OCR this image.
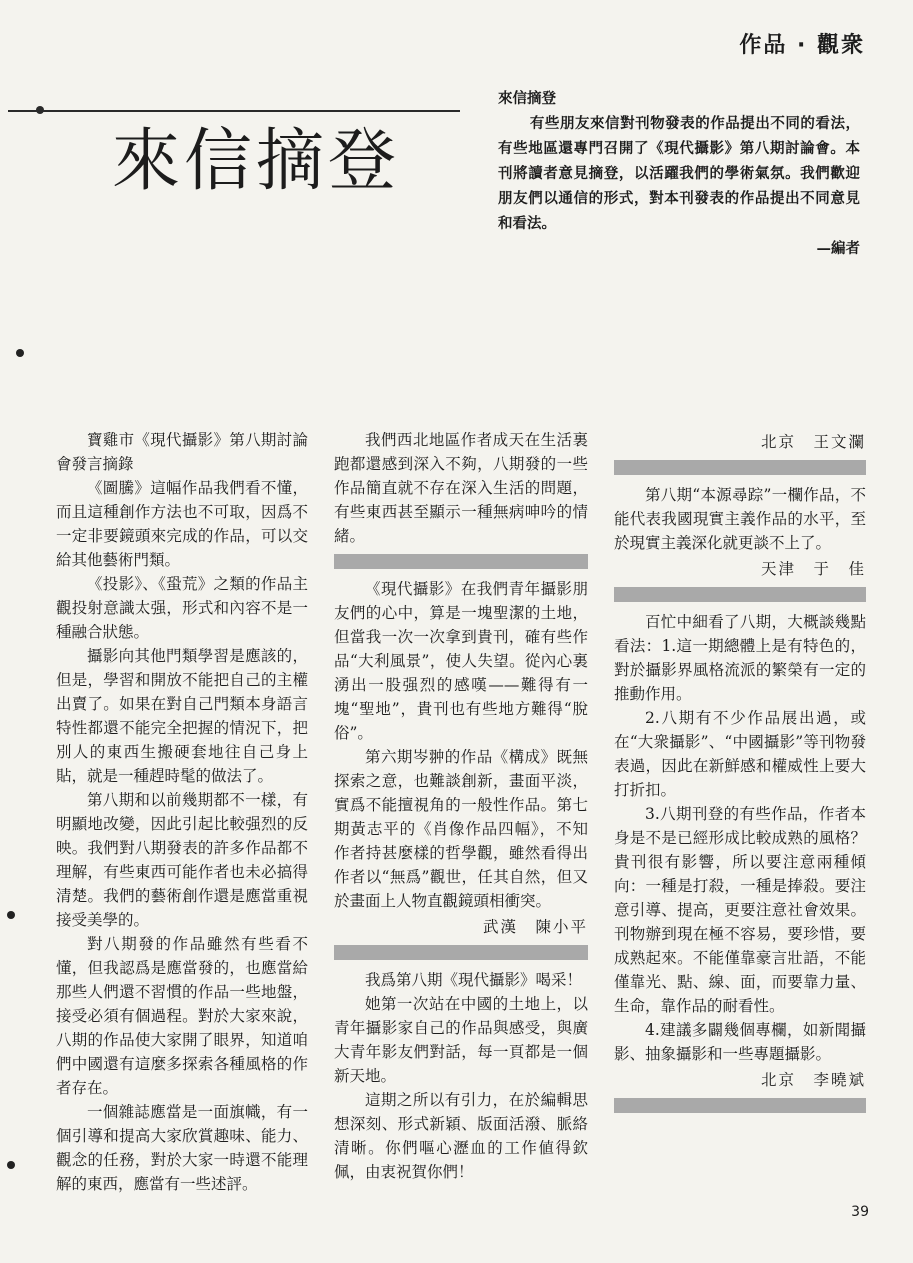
作品 · 觀衆
來信摘登

來信摘登

有些朋友來信對刊物發表的作品提出不同的看法，有些地區還專門召開了《現代攝影》第八期討論會。本刊將讀者意見摘登，以活躍我們的學術氣氛。我們歡迎朋友們以通信的形式，對本刊發表的作品提出不同意見和看法。

—編者

寶雞市《現代攝影》第八期討論會發言摘錄

《圖騰》這幅作品我們看不懂，而且這種創作方法也不可取，因爲不一定非要鏡頭來完成的作品，可以交給其他藝術門類。

《投影》、《蛩荒》之類的作品主觀投射意識太强，形式和內容不是一種融合狀態。

攝影向其他門類學習是應該的，但是，學習和開放不能把自己的主權出賣了。如果在對自己門類本身語言特性都還不能完全把握的情況下，把別人的東西生搬硬套地往自己身上貼，就是一種趕時髦的做法了。

第八期和以前幾期都不一樣，有明顯地改變，因此引起比較强烈的反映。我們對八期發表的許多作品都不理解，有些東西可能作者也未必搞得清楚。我們的藝術創作還是應當重視接受美學的。

對八期發的作品雖然有些看不懂，但我認爲是應當發的，也應當給那些人們還不習慣的作品一些地盤，接受必須有個過程。對於大家來說，八期的作品使大家開了眼界，知道咱們中國還有這麼多探索各種風格的作者存在。

一個雜誌應當是一面旗幟，有一個引導和提高大家欣賞趣味、能力、觀念的任務，對於大家一時還不能理解的東西，應當有一些述評。

我們西北地區作者成天在生活裏跑都還感到深入不夠，八期發的一些作品簡直就不存在深入生活的問題，有些東西甚至顯示一種無病呻吟的情緒。

《現代攝影》在我們青年攝影朋友們的心中，算是一塊聖潔的土地，但當我一次一次拿到貴刊，確有些作品“大利風景”，使人失望。從內心裏湧出一股强烈的感嘆——難得有一塊“聖地”，貴刊也有些地方難得“脫俗”。

第六期岑翀的作品《構成》既無探索之意，也難談創新，畫面平淡，實爲不能擅視角的一般性作品。第七期黃志平的《肖像作品四幅》，不知作者持甚麼樣的哲學觀，雖然看得出作者以“無爲”觀世，任其自然，但又於畫面上人物直觀鏡頭相衝突。

武漢　陳小平

我爲第八期《現代攝影》喝采！

她第一次站在中國的土地上，以青年攝影家自己的作品與感受，與廣大青年影友們對話，每一頁都是一個新天地。

這期之所以有引力，在於編輯思想深刻、形式新穎、版面活潑、脈絡清晰。你們嘔心瀝血的工作値得欽佩，由衷祝賀你們！

北京　王文瀾

第八期“本源尋踪”一欄作品，不能代表我國現實主義作品的水平，至於現實主義深化就更談不上了。

天津　于　佳

百忙中細看了八期，大概談幾點看法：1.這一期總體上是有特色的，對於攝影界風格流派的繁榮有一定的推動作用。

2.八期有不少作品展出過，或在“大衆攝影”、“中國攝影”等刊物發表過，因此在新鮮感和權威性上要大打折扣。

3.八期刊登的有些作品，作者本身是不是已經形成比較成熟的風格？貴刊很有影響，所以要注意兩種傾向：一種是打殺，一種是捧殺。要注意引導、提高，更要注意社會效果。刊物辦到現在極不容易，要珍惜，要成熟起來。不能僅靠豪言壯語，不能僅靠光、點、線、面，而要靠力量、生命，靠作品的耐看性。

4.建議多闢幾個專欄，如新聞攝影、抽象攝影和一些專題攝影。

北京　李曉斌

39
